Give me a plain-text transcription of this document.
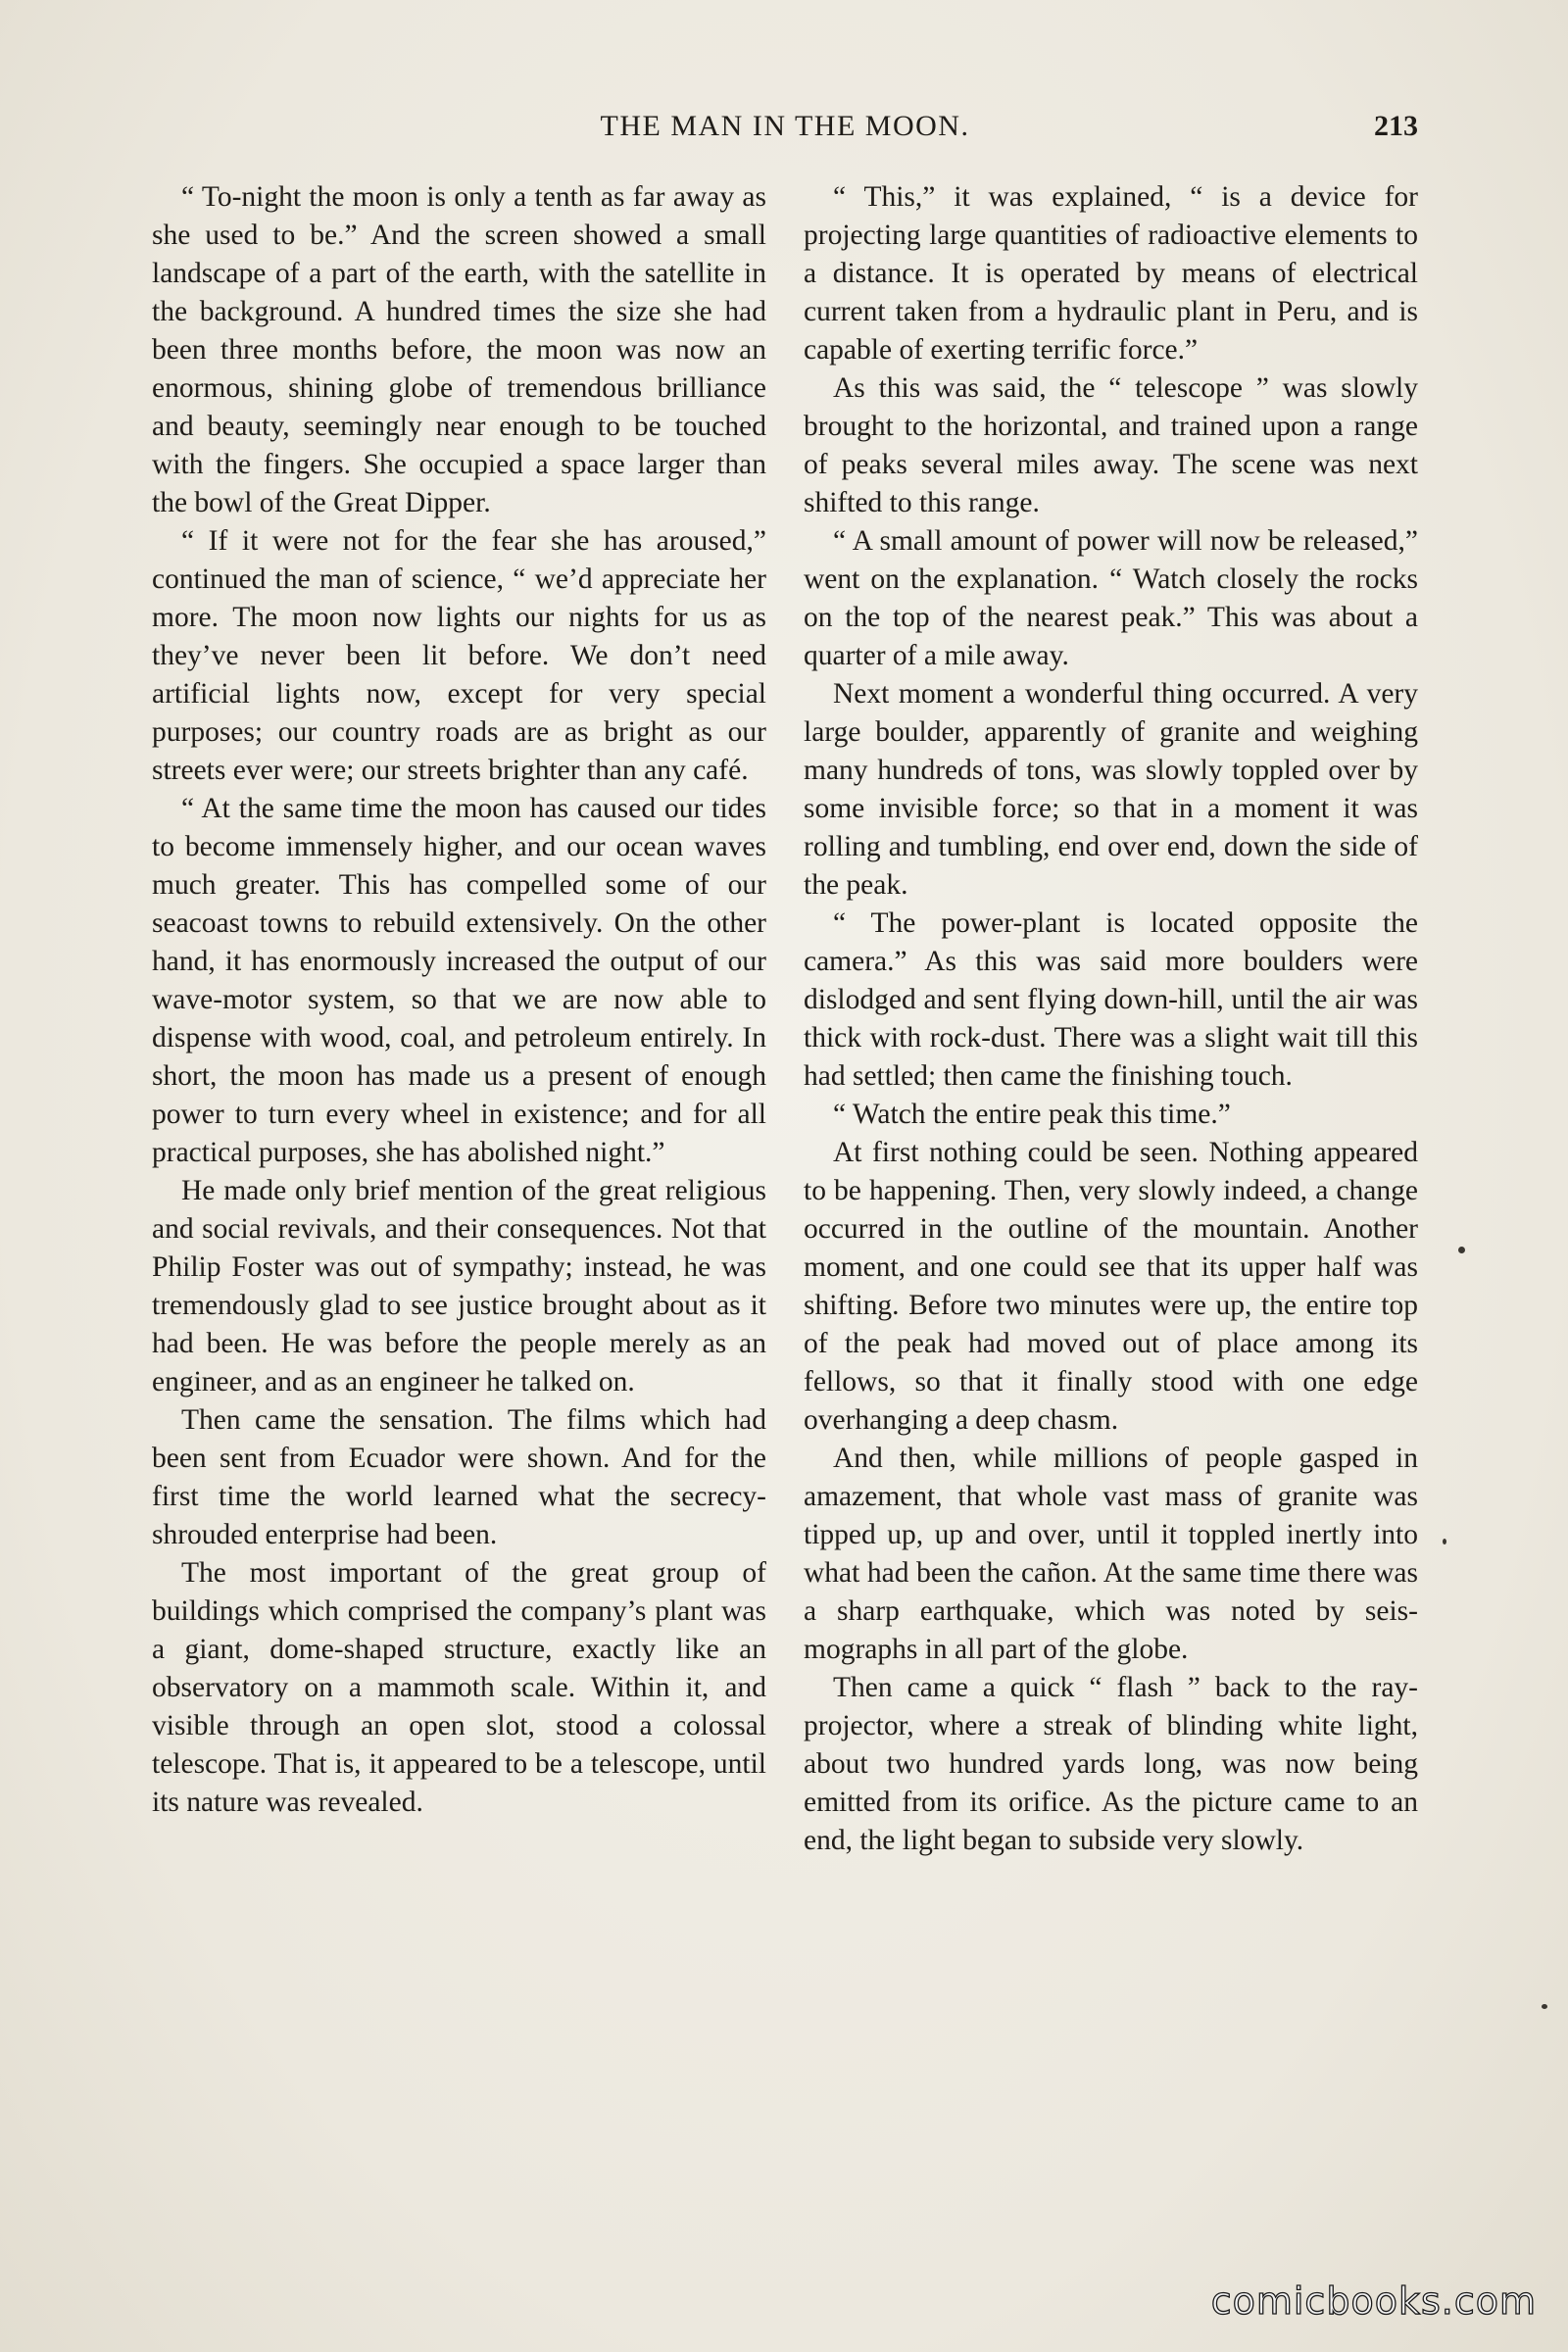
THE MAN IN THE MOON.	213

“ To-night the moon is only a tenth as far away as she used to be.” And the screen showed a small landscape of a part of the earth, with the satellite in the background. A hundred times the size she had been three months before, the moon was now an enormous, shining globe of tremendous brilliance and beauty, seemingly near enough to be touched with the fingers. She occupied a space larger than the bowl of the Great Dipper.

“ If it were not for the fear she has aroused,” continued the man of science, “ we’d appreciate her more. The moon now lights our nights for us as they’ve never been lit before. We don’t need artificial lights now, except for very special purposes; our country roads are as bright as our streets ever were; our streets brighter than any café.

“ At the same time the moon has caused our tides to become immensely higher, and our ocean waves much greater. This has compelled some of our seacoast towns to rebuild extensively. On the other hand, it has enormously increased the output of our wave-motor system, so that we are now able to dispense with wood, coal, and petroleum entirely. In short, the moon has made us a present of enough power to turn every wheel in existence; and for all practical purposes, she has abolished night.”

He made only brief mention of the great religious and social revivals, and their consequences. Not that Philip Foster was out of sympathy; instead, he was tremendously glad to see justice brought about as it had been. He was before the people merely as an engineer, and as an engineer he talked on.

Then came the sensation. The films which had been sent from Ecuador were shown. And for the first time the world learned what the secrecy-shrouded enterprise had been.

The most important of the great group of buildings which comprised the company’s plant was a giant, dome-shaped structure, exactly like an observatory on a mammoth scale. Within it, and visible through an open slot, stood a colossal telescope. That is, it appeared to be a telescope, until its nature was revealed.

“ This,” it was explained, “ is a device for projecting large quantities of radioactive elements to a distance. It is operated by means of electrical current taken from a hydraulic plant in Peru, and is capable of exerting terrific force.”

As this was said, the “ telescope ” was slowly brought to the horizontal, and trained upon a range of peaks several miles away. The scene was next shifted to this range.

“ A small amount of power will now be released,” went on the explanation. “ Watch closely the rocks on the top of the nearest peak.” This was about a quarter of a mile away.

Next moment a wonderful thing occurred. A very large boulder, apparently of granite and weighing many hundreds of tons, was slowly toppled over by some invisible force; so that in a moment it was rolling and tumbling, end over end, down the side of the peak.

“ The power-plant is located opposite the camera.” As this was said more boulders were dislodged and sent flying down-hill, until the air was thick with rock-dust. There was a slight wait till this had settled; then came the finishing touch.

“ Watch the entire peak this time.”

At first nothing could be seen. Nothing appeared to be happening. Then, very slowly indeed, a change occurred in the outline of the mountain. Another moment, and one could see that its upper half was shifting. Before two minutes were up, the entire top of the peak had moved out of place among its fellows, so that it finally stood with one edge overhanging a deep chasm.

And then, while millions of people gasped in amazement, that whole vast mass of granite was tipped up, up and over, until it toppled inertly into what had been the cañon. At the same time there was a sharp earthquake, which was noted by seismographs in all part of the globe.

Then came a quick “ flash ” back to the ray-projector, where a streak of blinding white light, about two hundred yards long, was now being emitted from its orifice. As the picture came to an end, the light began to subside very slowly.

comicbooks.com
